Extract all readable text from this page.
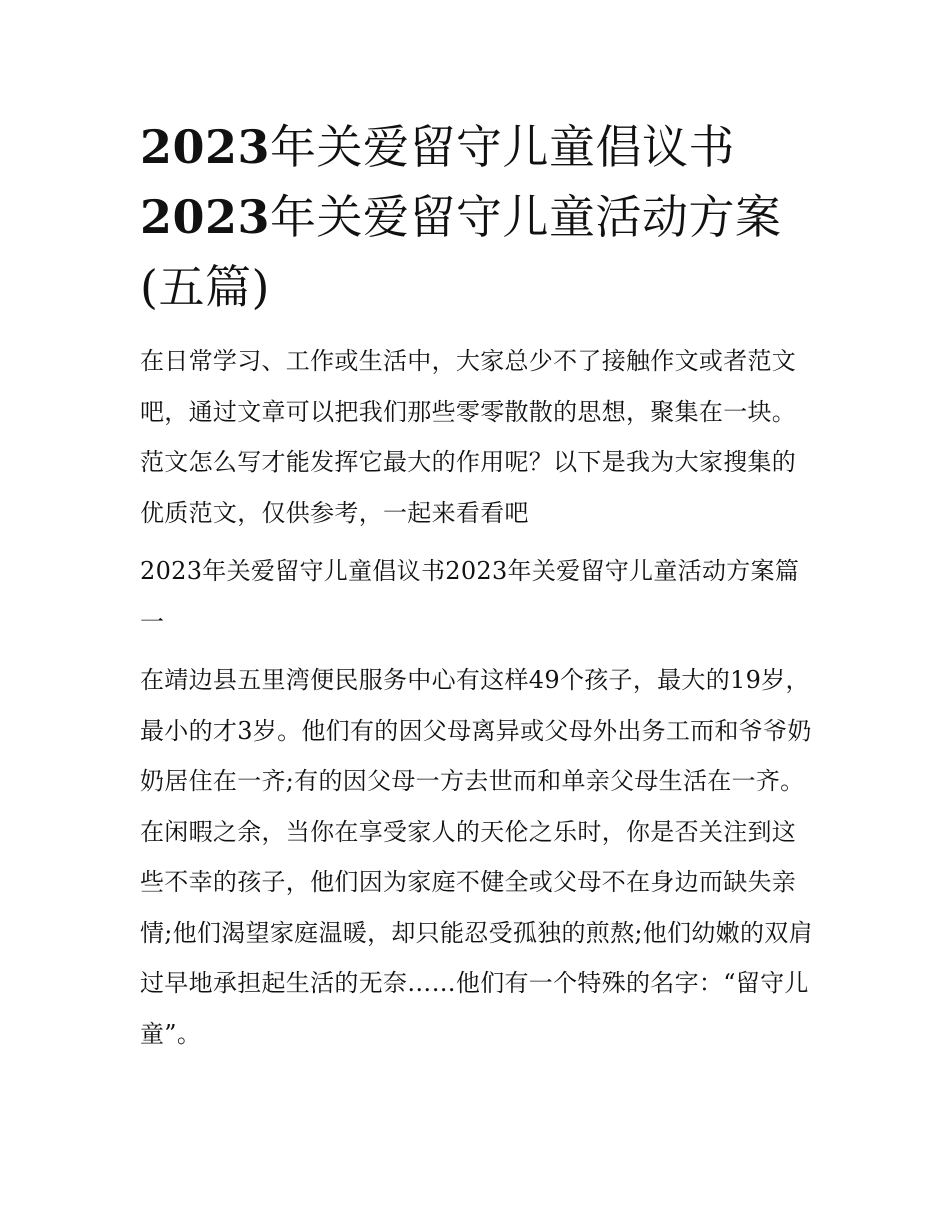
2023年关爱留守儿童倡议书
2023年关爱留守儿童活动方案
(五篇)

在日常学习、工作或生活中，大家总少不了接触作文或者范文吧，通过文章可以把我们那些零零散散的思想，聚集在一块。范文怎么写才能发挥它最大的作用呢？以下是我为大家搜集的优质范文，仅供参考，一起来看看吧

2023年关爱留守儿童倡议书2023年关爱留守儿童活动方案篇一

在靖边县五里湾便民服务中心有这样49个孩子，最大的19岁，最小的才3岁。他们有的因父母离异或父母外出务工而和爷爷奶奶居住在一齐;有的因父母一方去世而和单亲父母生活在一齐。

在闲暇之余，当你在享受家人的天伦之乐时，你是否关注到这些不幸的孩子，他们因为家庭不健全或父母不在身边而缺失亲情;他们渴望家庭温暖，却只能忍受孤独的煎熬;他们幼嫩的双肩过早地承担起生活的无奈……他们有一个特殊的名字：“留守儿童”。
